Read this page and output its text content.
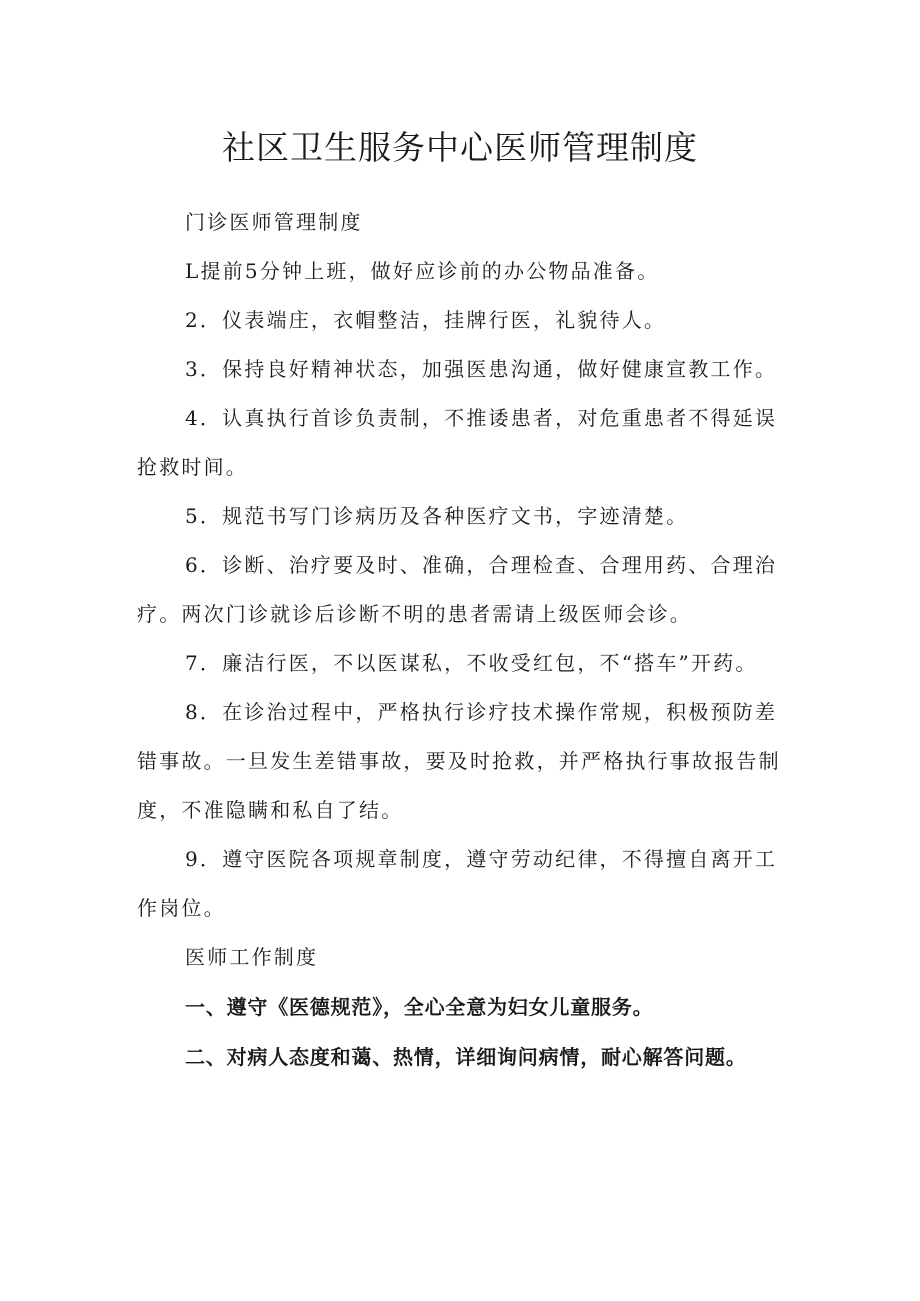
社区卫生服务中心医师管理制度

门诊医师管理制度

L提前5分钟上班，做好应诊前的办公物品准备。

2．仪表端庄，衣帽整洁，挂牌行医，礼貌待人。

3．保持良好精神状态，加强医患沟通，做好健康宣教工作。

4．认真执行首诊负责制，不推诿患者，对危重患者不得延误抢救时间。

5．规范书写门诊病历及各种医疗文书，字迹清楚。

6．诊断、治疗要及时、准确，合理检查、合理用药、合理治疗。两次门诊就诊后诊断不明的患者需请上级医师会诊。

7．廉洁行医，不以医谋私，不收受红包，不“搭车”开药。

8．在诊治过程中，严格执行诊疗技术操作常规，积极预防差错事故。一旦发生差错事故，要及时抢救，并严格执行事故报告制度，不准隐瞒和私自了结。

9．遵守医院各项规章制度，遵守劳动纪律，不得擅自离开工作岗位。

医师工作制度

一、遵守《医德规范》，全心全意为妇女儿童服务。

二、对病人态度和蔼、热情，详细询问病情，耐心解答问题。
